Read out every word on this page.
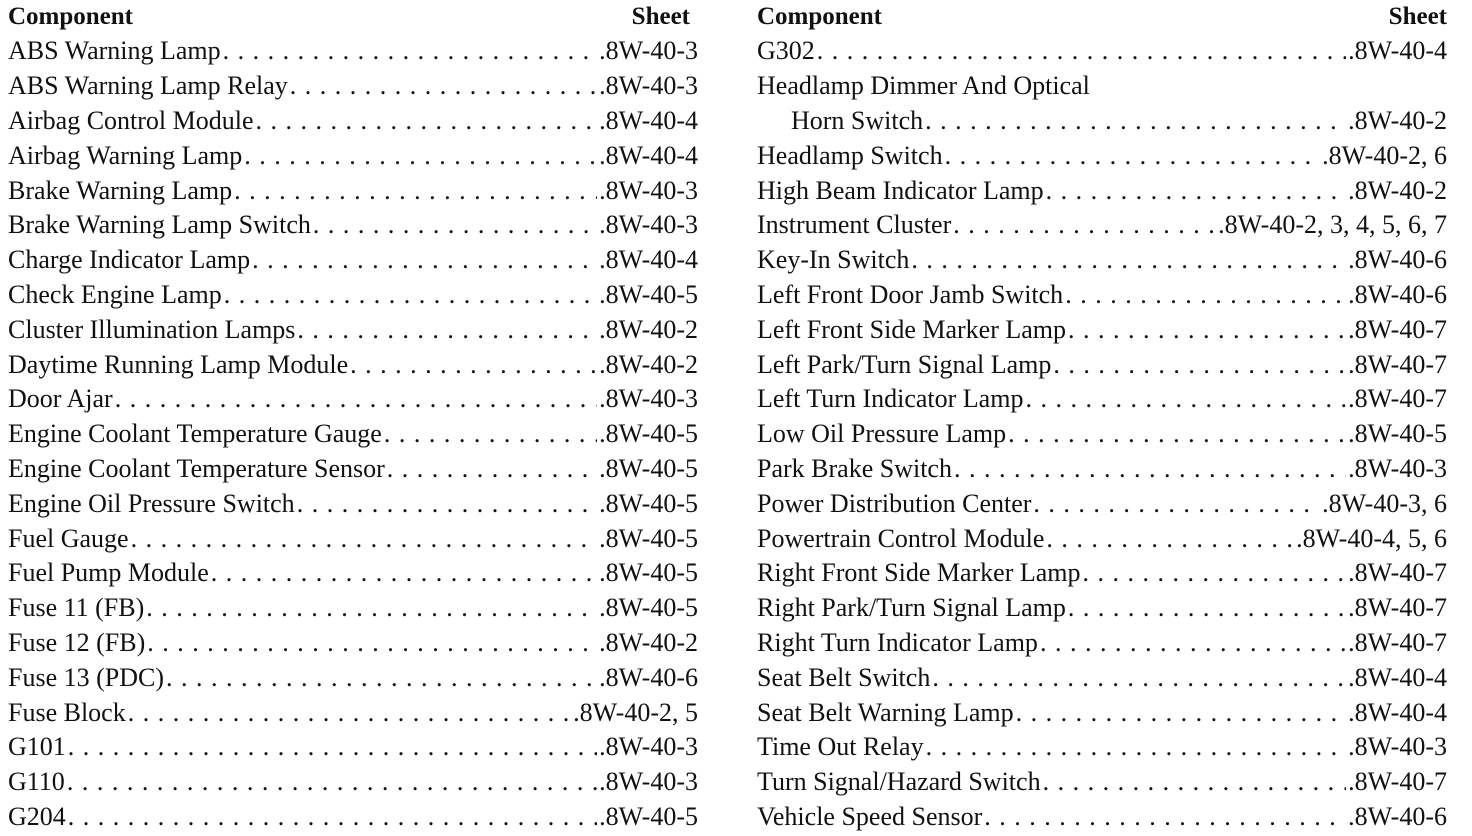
Component	Sheet
ABS Warning Lamp . . .	.8W-40-3
ABS Warning Lamp Relay . . .	.8W-40-3
Airbag Control Module . . .	.8W-40-4
Airbag Warning Lamp . . .	.8W-40-4
Brake Warning Lamp . . .	.8W-40-3
Brake Warning Lamp Switch . . .	.8W-40-3
Charge Indicator Lamp . . .	.8W-40-4
Check Engine Lamp . . .	.8W-40-5
Cluster Illumination Lamps . . .	.8W-40-2
Daytime Running Lamp Module . . .	.8W-40-2
Door Ajar . . .	.8W-40-3
Engine Coolant Temperature Gauge . . .	.8W-40-5
Engine Coolant Temperature Sensor . . .	.8W-40-5
Engine Oil Pressure Switch . . .	.8W-40-5
Fuel Gauge . . .	.8W-40-5
Fuel Pump Module . . .	.8W-40-5
Fuse 11 (FB) . . .	.8W-40-5
Fuse 12 (FB) . . .	.8W-40-2
Fuse 13 (PDC) . . .	.8W-40-6
Fuse Block . . .	.8W-40-2, 5
G101 . . .	.8W-40-3
G110 . . .	.8W-40-3
G204 . . .	.8W-40-5
Component	Sheet
G302 . . .	.8W-40-4
Headlamp Dimmer And Optical
Horn Switch . . .	.8W-40-2
Headlamp Switch . . .	.8W-40-2, 6
High Beam Indicator Lamp . . .	.8W-40-2
Instrument Cluster . . .	.8W-40-2, 3, 4, 5, 6, 7
Key-In Switch . . .	.8W-40-6
Left Front Door Jamb Switch . . .	.8W-40-6
Left Front Side Marker Lamp . . .	.8W-40-7
Left Park/Turn Signal Lamp . . .	.8W-40-7
Left Turn Indicator Lamp . . .	.8W-40-7
Low Oil Pressure Lamp . . .	.8W-40-5
Park Brake Switch . . .	.8W-40-3
Power Distribution Center . . .	.8W-40-3, 6
Powertrain Control Module . . .	.8W-40-4, 5, 6
Right Front Side Marker Lamp . . .	.8W-40-7
Right Park/Turn Signal Lamp . . .	.8W-40-7
Right Turn Indicator Lamp . . .	.8W-40-7
Seat Belt Switch . . .	.8W-40-4
Seat Belt Warning Lamp . . .	.8W-40-4
Time Out Relay . . .	.8W-40-3
Turn Signal/Hazard Switch . . .	.8W-40-7
Vehicle Speed Sensor . . .	.8W-40-6
